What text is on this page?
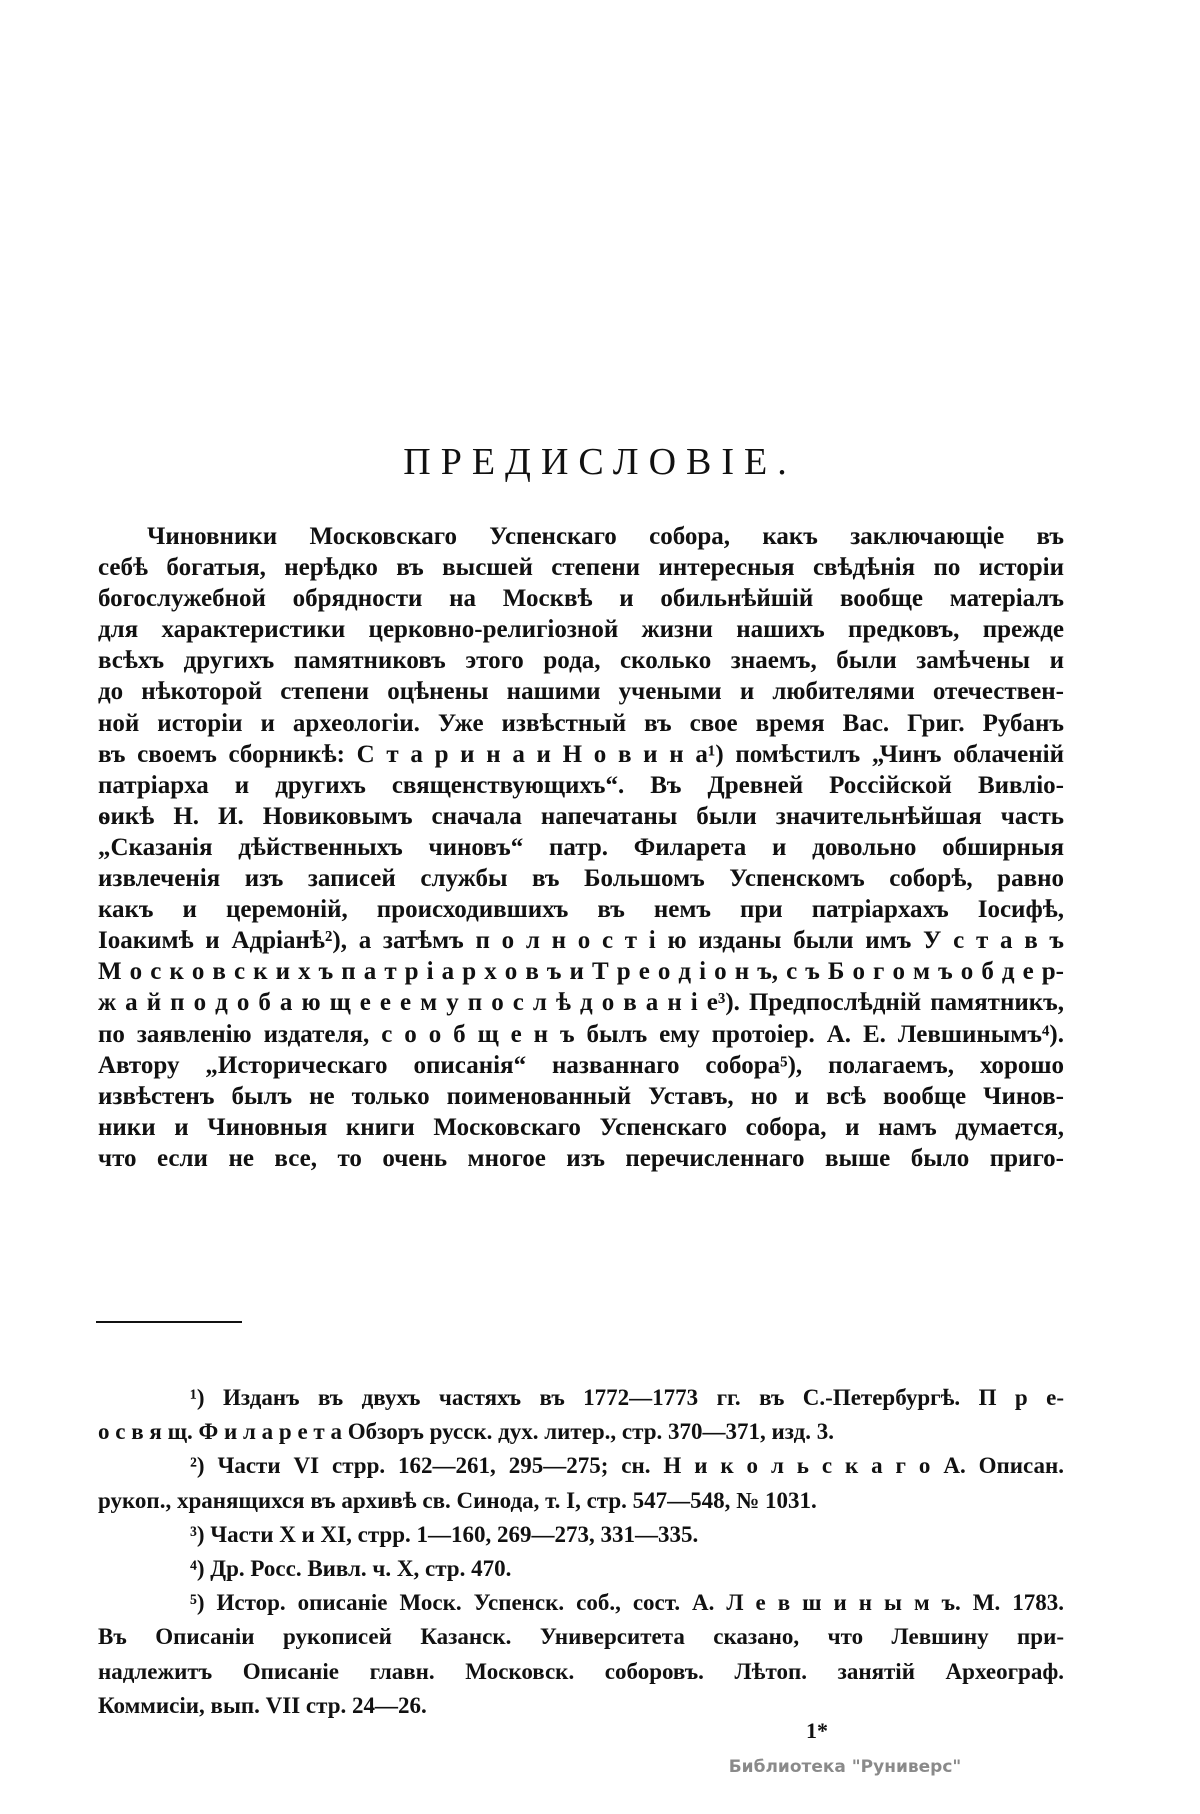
ПРЕДИСЛОВІЕ.
Чиновники Московскаго Успенскаго собора, какъ заключающіе въ
себѣ богатыя, нерѣдко въ высшей степени интересныя свѣдѣнія по исторіи
богослужебной обрядности на Москвѣ и обильнѣйшій вообще матеріалъ
для характеристики церковно-религіозной жизни нашихъ предковъ, прежде
всѣхъ другихъ памятниковъ этого рода, сколько знаемъ, были замѣчены и
до нѣкоторой степени оцѣнены нашими учеными и любителями отечествен-
ной исторіи и археологіи. Уже извѣстный въ свое время Вас. Григ. Рубанъ
въ своемъ сборникѣ: С т а р и н а и Н о в и н а¹) помѣстилъ „Чинъ облаченій
патріарха и другихъ священствующихъ“. Въ Древней Россійской Вивліо-
ѳикѣ Н. И. Новиковымъ сначала напечатаны были значительнѣйшая часть
„Сказанія дѣйственныхъ чиновъ“ патр. Филарета и довольно обширныя
извлеченія изъ записей службы въ Большомъ Успенскомъ соборѣ, равно
какъ и церемоній, происходившихъ въ немъ при патріархахъ Іосифѣ,
Іоакимѣ и Адріанѣ²), а затѣмъ п о л н о с т і ю изданы были имъ У с т а в ъ
М о с к о в с к и х ъ п а т р і а р х о в ъ и Т р е о д і о н ъ, с ъ Б о г о м ъ о б д е р-
ж а й п о д о б а ю щ е е е м у п о с л ѣ д о в а н і е³). Предпослѣдній памятникъ,
по заявленію издателя, с о о б щ е н ъ былъ ему протоіер. А. Е. Левшинымъ⁴).
Автору „Историческаго описанія“ названнаго собора⁵), полагаемъ, хорошо
извѣстенъ былъ не только поименованный Уставъ, но и всѣ вообще Чинов-
ники и Чиновныя книги Московскаго Успенскаго собора, и намъ думается,
что если не все, то очень многое изъ перечисленнаго выше было приго-
¹) Изданъ въ двухъ частяхъ въ 1772—1773 гг. въ С.-Петербургѣ. П р е-
о с в я щ. Ф и л а р е т а Обзоръ русск. дух. литер., стр. 370—371, изд. 3.
²) Части VI стрр. 162—261, 295—275; сн. Н и к о л ь с к а г о А. Описан.
рукоп., хранящихся въ архивѣ св. Синода, т. I, стр. 547—548, № 1031.
³) Части X и XI, стрр. 1—160, 269—273, 331—335.
⁴) Др. Росс. Вивл. ч. X, стр. 470.
⁵) Истор. описаніе Моск. Успенск. соб., сост. А. Л е в ш и н ы м ъ. М. 1783.
Въ Описаніи рукописей Казанск. Университета сказано, что Левшину при-
надлежитъ Описаніе главн. Московск. соборовъ. Лѣтоп. занятій Археограф.
Коммисіи, вып. VII стр. 24—26.
1*
Библиотека "Руниверс"
